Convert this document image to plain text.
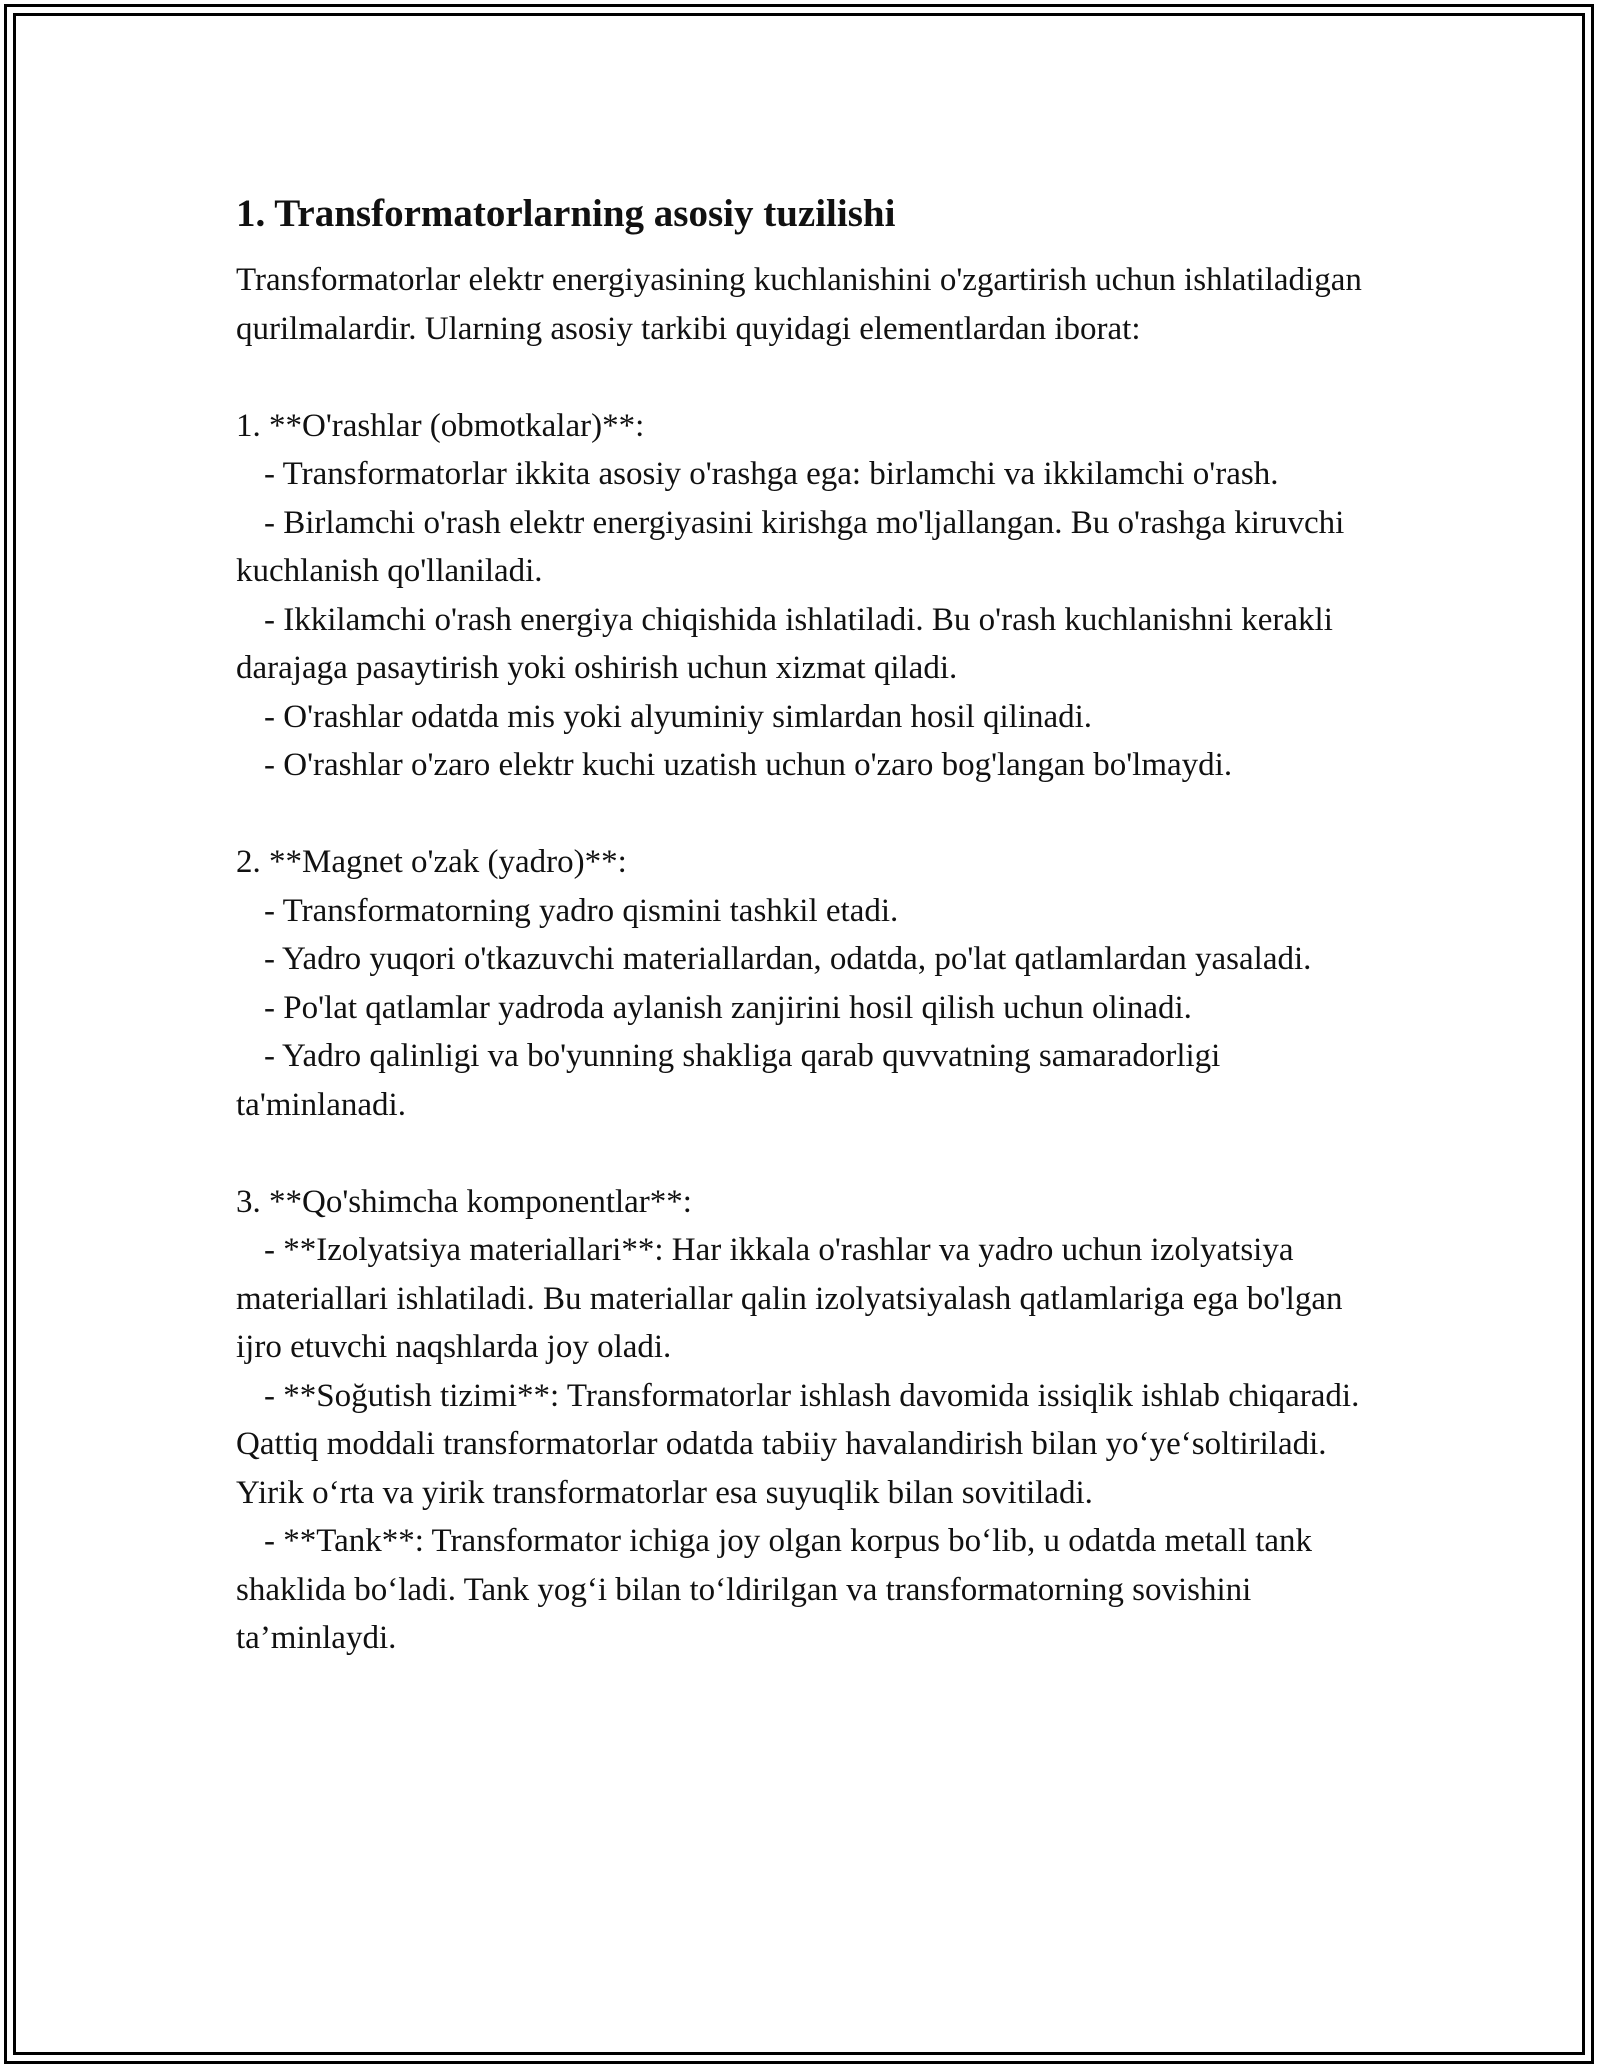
1. Transformatorlarning asosiy tuzilishi

Transformatorlar elektr energiyasining kuchlanishini o'zgartirish uchun ishlatiladigan qurilmalardir. Ularning asosiy tarkibi quyidagi elementlardan iborat:

1. **O'rashlar (obmotkalar)**:

- Transformatorlar ikkita asosiy o'rashga ega: birlamchi va ikkilamchi o'rash.

- Birlamchi o'rash elektr energiyasini kirishga mo'ljallangan. Bu o'rashga kiruvchi kuchlanish qo'llaniladi.

- Ikkilamchi o'rash energiya chiqishida ishlatiladi. Bu o'rash kuchlanishni kerakli darajaga pasaytirish yoki oshirish uchun xizmat qiladi.

- O'rashlar odatda mis yoki alyuminiy simlardan hosil qilinadi.

- O'rashlar o'zaro elektr kuchi uzatish uchun o'zaro bog'langan bo'lmaydi.

2. **Magnet o'zak (yadro)**:

- Transformatorning yadro qismini tashkil etadi.

- Yadro yuqori o'tkazuvchi materiallardan, odatda, po'lat qatlamlardan yasaladi.

- Po'lat qatlamlar yadroda aylanish zanjirini hosil qilish uchun olinadi.

- Yadro qalinligi va bo'yunning shakliga qarab quvvatning samaradorligi ta'minlanadi.

3. **Qo'shimcha komponentlar**:

- **Izolyatsiya materiallari**: Har ikkala o'rashlar va yadro uchun izolyatsiya materiallari ishlatiladi. Bu materiallar qalin izolyatsiyalash qatlamlariga ega bo'lgan ijro etuvchi naqshlarda joy oladi.

- **Soğutish tizimi**: Transformatorlar ishlash davomida issiqlik ishlab chiqaradi. Qattiq moddali transformatorlar odatda tabiiy havalandirish bilan yo‘ye‘soltiriladi. Yirik o‘rta va yirik transformatorlar esa suyuqlik bilan sovitiladi.

- **Tank**: Transformator ichiga joy olgan korpus bo‘lib, u odatda metall tank shaklida bo‘ladi. Tank yog‘i bilan to‘ldirilgan va transformatorning sovishini ta’minlaydi.
